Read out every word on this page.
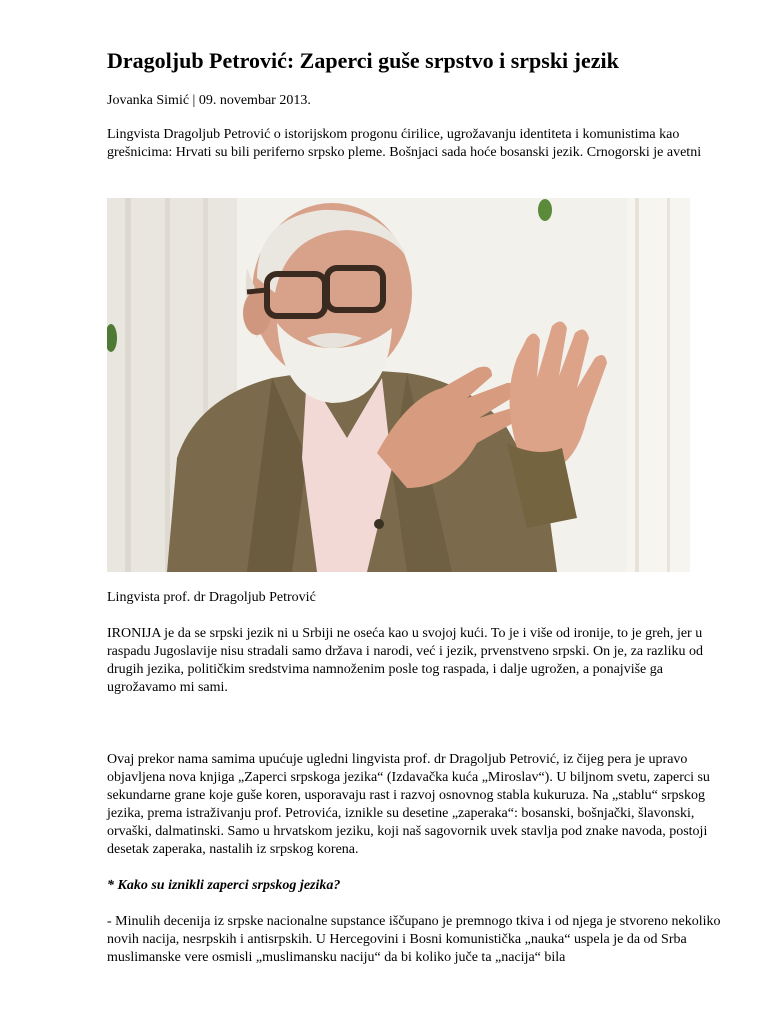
Dragoljub Petrović: Zaperci guše srpstvo i srpski jezik
Jovanka Simić | 09. novembar 2013.

Lingvista Dragoljub Petrović o istorijskom progonu ćirilice, ugrožavanju identiteta i komunistima kao grešnicima: Hrvati su bili periferno srpsko pleme. Bošnjaci sada hoće bosanski jezik. Crnogorski je avetni

Lingvista prof. dr Dragoljub Petrović

IRONIJA je da se srpski jezik ni u Srbiji ne oseća kao u svojoj kući. To je i više od ironije, to je greh, jer u raspadu Jugoslavije nisu stradali samo država i narodi, već i jezik, prvenstveno srpski. On je, za razliku od drugih jezika, političkim sredstvima namnoženim posle tog raspada, i dalje ugrožen, a ponajviše ga ugrožavamo mi sami.

Ovaj prekor nama samima upućuje ugledni lingvista prof. dr Dragoljub Petrović, iz čijeg pera je upravo objavljena nova knjiga „Zaperci srpskoga jezika“ (Izdavačka kuća „Miroslav“). U biljnom svetu, zaperci su sekundarne grane koje guše koren, usporavaju rast i razvoj osnovnog stabla kukuruza. Na „stablu“ srpskog jezika, prema istraživanju prof. Petrovića, iznikle su desetine „zaperaka“: bosanski, bošnjački, šlavonski, orvaški, dalmatinski. Samo u hrvatskom jeziku, koji naš sagovornik uvek stavlja pod znake navoda, postoji desetak zaperaka, nastalih iz srpskog korena.

* Kako su iznikli zaperci srpskog jezika?

- Minulih decenija iz srpske nacionalne supstance iščupano je premnogo tkiva i od njega je stvoreno nekoliko novih nacija, nesrpskih i antisrpskih. U Hercegovini i Bosni komunistička „nauka“ uspela je da od Srba muslimanske vere osmisli „muslimansku naciju“ da bi koliko juče ta „nacija“ bila
